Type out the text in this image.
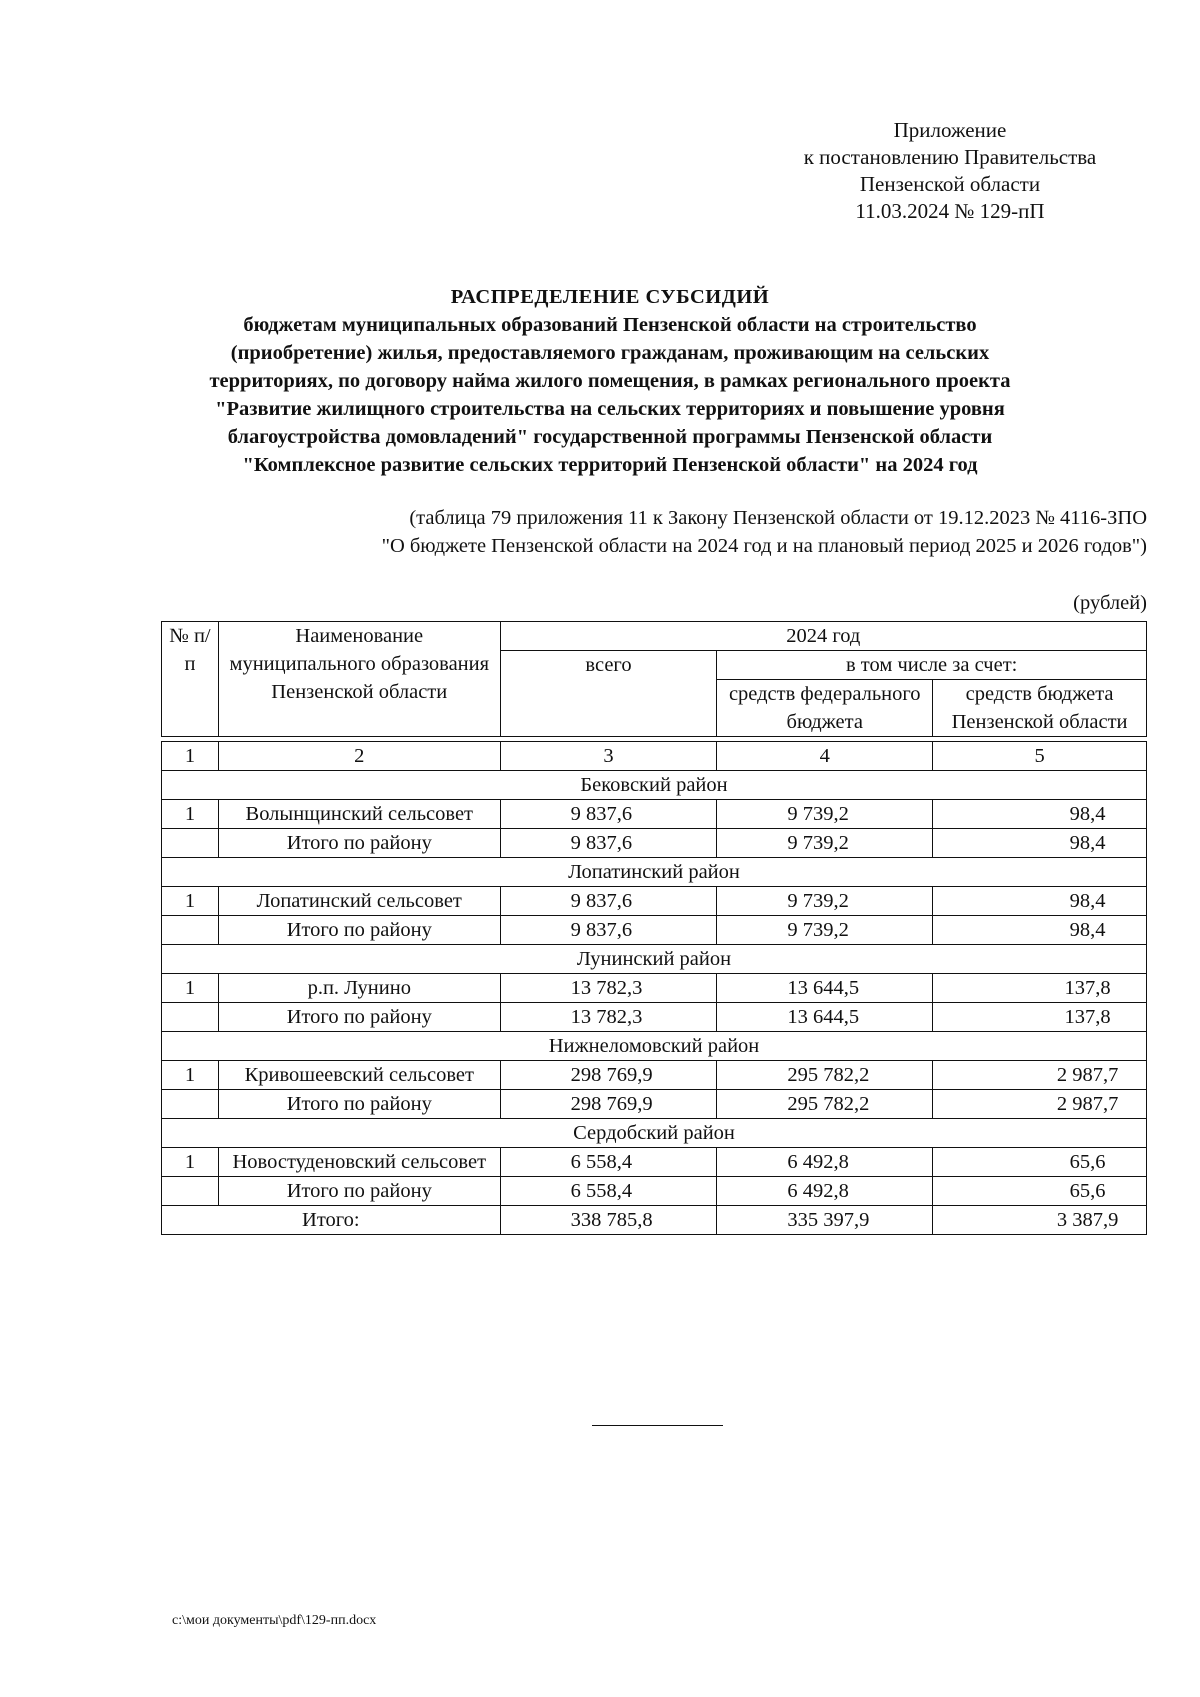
Приложение
к постановлению Правительства
Пензенской области
11.03.2024 № 129-пП
РАСПРЕДЕЛЕНИЕ СУБСИДИЙ
бюджетам муниципальных образований Пензенской области на строительство
(приобретение) жилья, предоставляемого гражданам, проживающим на сельских
территориях, по договору найма жилого помещения, в рамках регионального проекта
"Развитие жилищного строительства на сельских территориях и повышение уровня
благоустройства домовладений" государственной программы Пензенской области
"Комплексное развитие сельских территорий Пензенской области" на 2024 год
(таблица 79 приложения 11 к Закону Пензенской области от 19.12.2023 № 4116-ЗПО
"О бюджете Пензенской области на 2024 год и на плановый период 2025 и 2026 годов")
(рублей)
№ п/п	Наименование муниципального образования Пензенской области	2024 год		
		всего	в том числе за счет:	
			средств федерального бюджета	средств бюджета Пензенской области

1	2	3	4	5
Бековский район				
1	Волынщинский сельсовет	9 837,6	9 739,2	98,4
	Итого по району	9 837,6	9 739,2	98,4
Лопатинский район				
1	Лопатинский сельсовет	9 837,6	9 739,2	98,4
	Итого по району	9 837,6	9 739,2	98,4
Лунинский район				
1	р.п. Лунино	13 782,3	13 644,5	137,8
	Итого по району	13 782,3	13 644,5	137,8
Нижнеломовский район				
1	Кривошеевский сельсовет	298 769,9	295 782,2	2 987,7
	Итого по району	298 769,9	295 782,2	2 987,7
Сердобский район				
1	Новостуденовский сельсовет	6 558,4	6 492,8	65,6
	Итого по району	6 558,4	6 492,8	65,6
Итого:		338 785,8	335 397,9	3 387,9
c:\мои документы\pdf\129-пп.docx
